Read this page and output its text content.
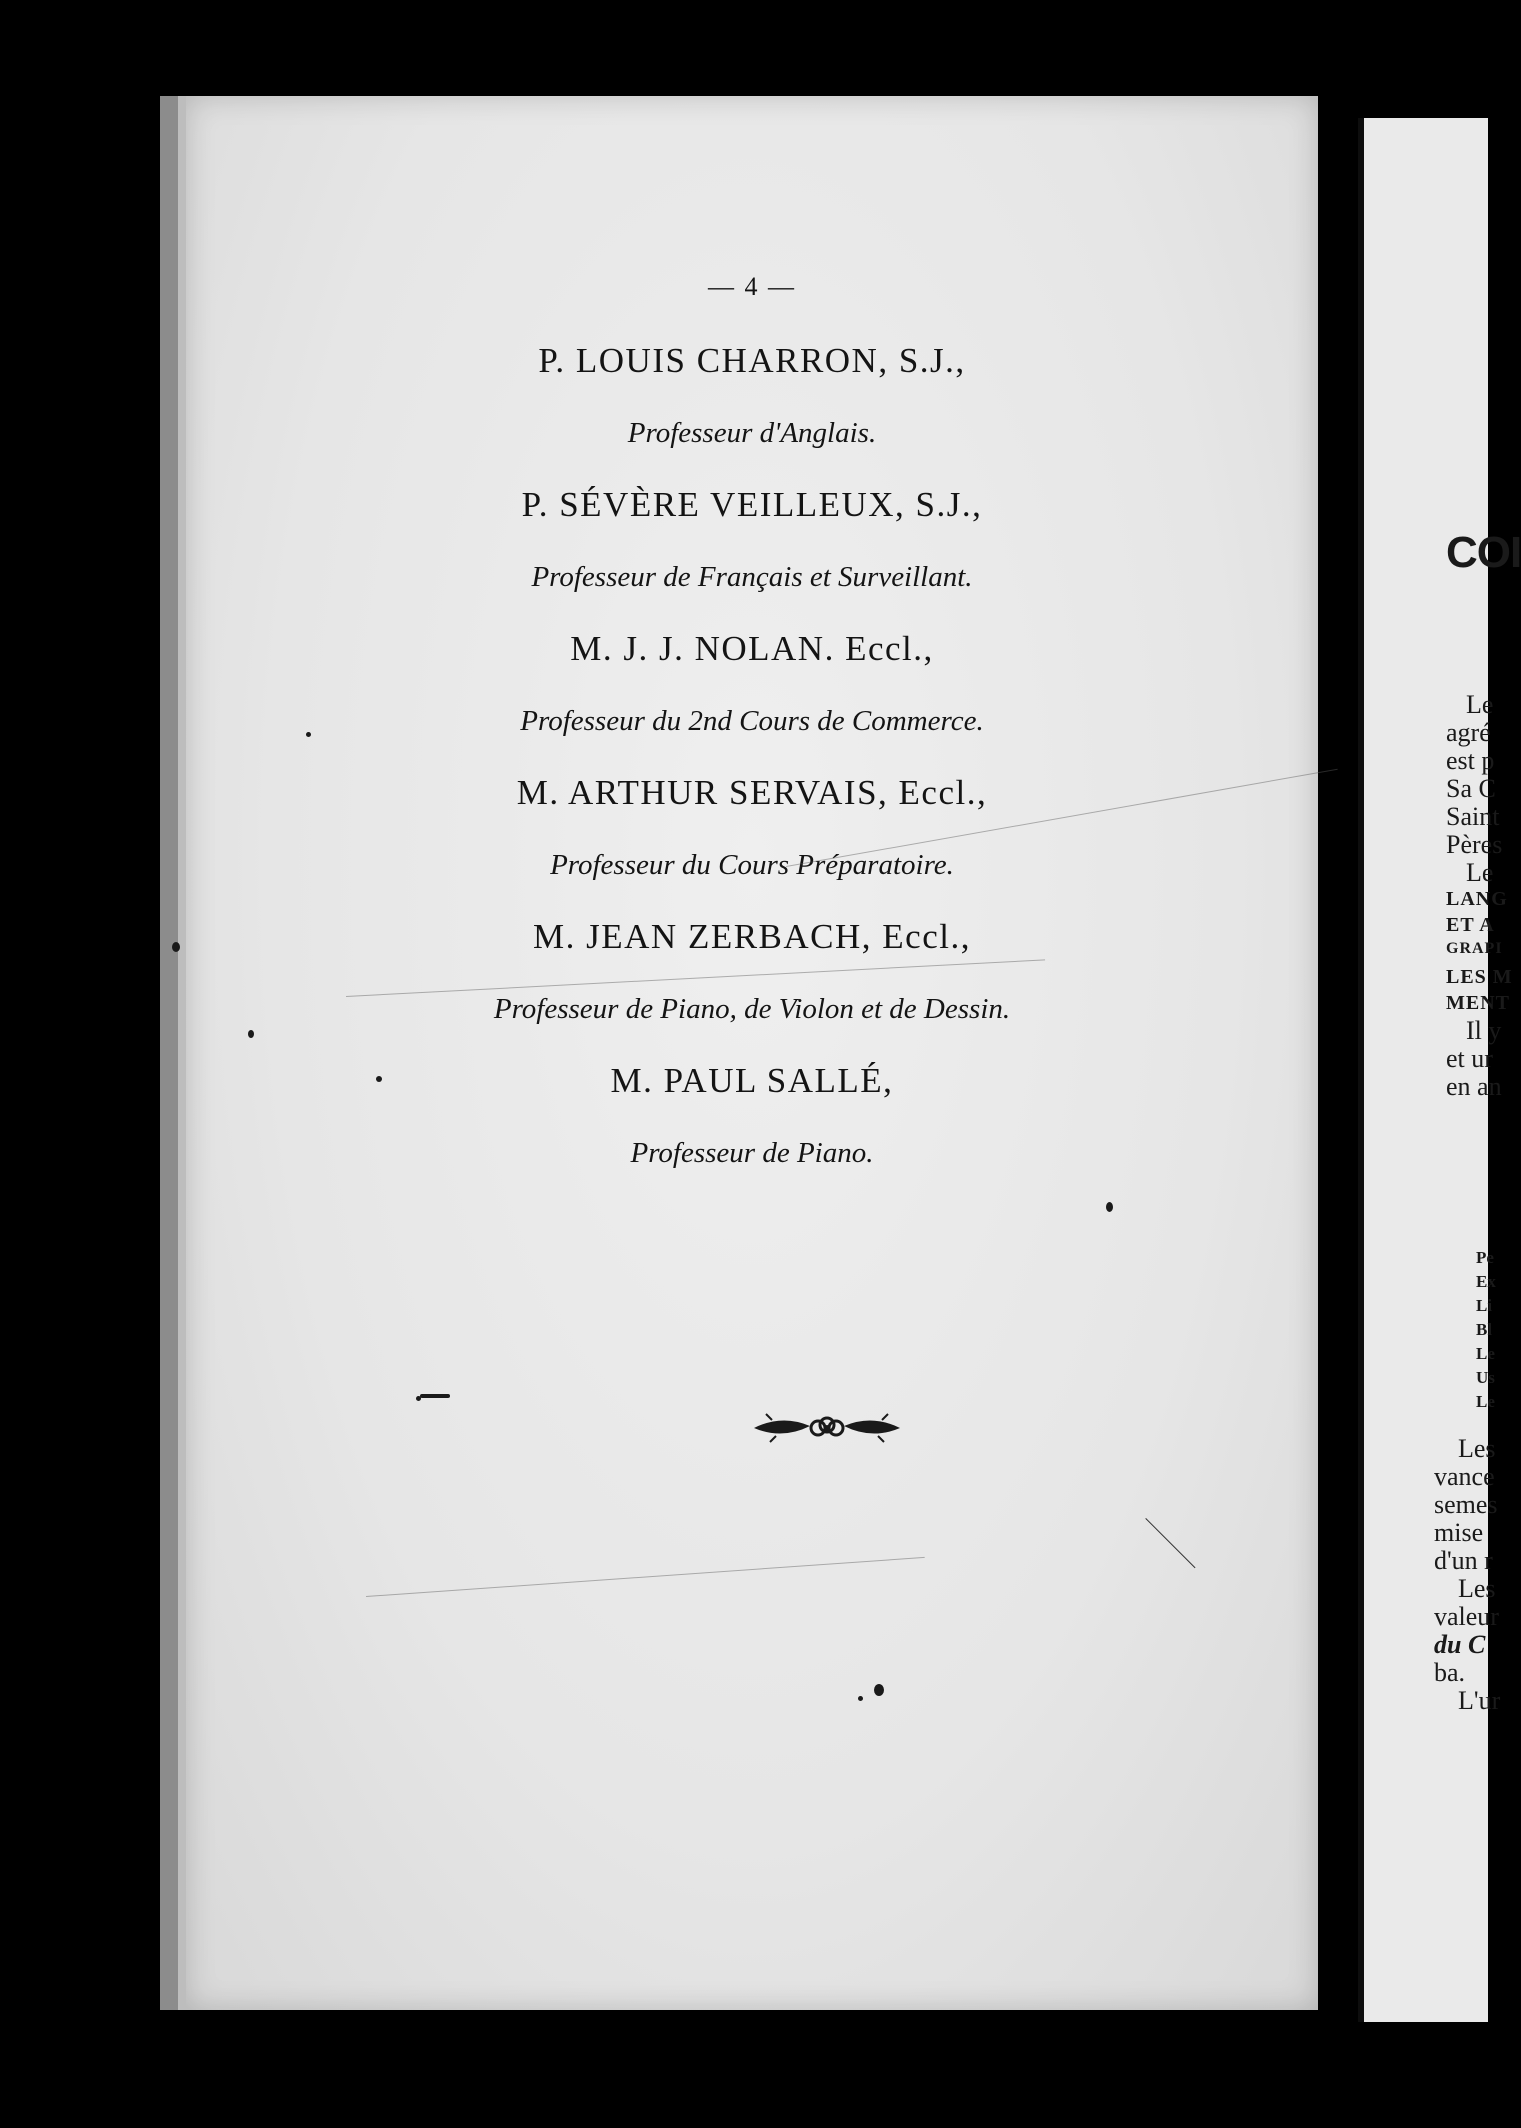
— 4 —
P. LOUIS CHARRON, S.J.,
Professeur d'Anglais.
P. SÉVÈRE VEILLEUX, S.J.,
Professeur de Français et Surveillant.
M. J. J. NOLAN. Eccl.,
Professeur du 2nd Cours de Commerce.
M. ARTHUR SERVAIS, Eccl.,
Professeur du Cours Préparatoire.
M. JEAN ZERBACH, Eccl.,
Professeur de Piano, de Violon et de Dessin.
M. PAUL SALLÉ,
Professeur de Piano.
COI
Le
agré
est p
Sa C
Saint
Pères
Le
LANG
ET A
GRAPI
LES M
MENT
Il y
et ur
en an
Pe
Ex
Li
Bl
Le
Us
Le
Les
vance
semes
mise
d'un r
Les
valeur
du C
ba.
L'ur
